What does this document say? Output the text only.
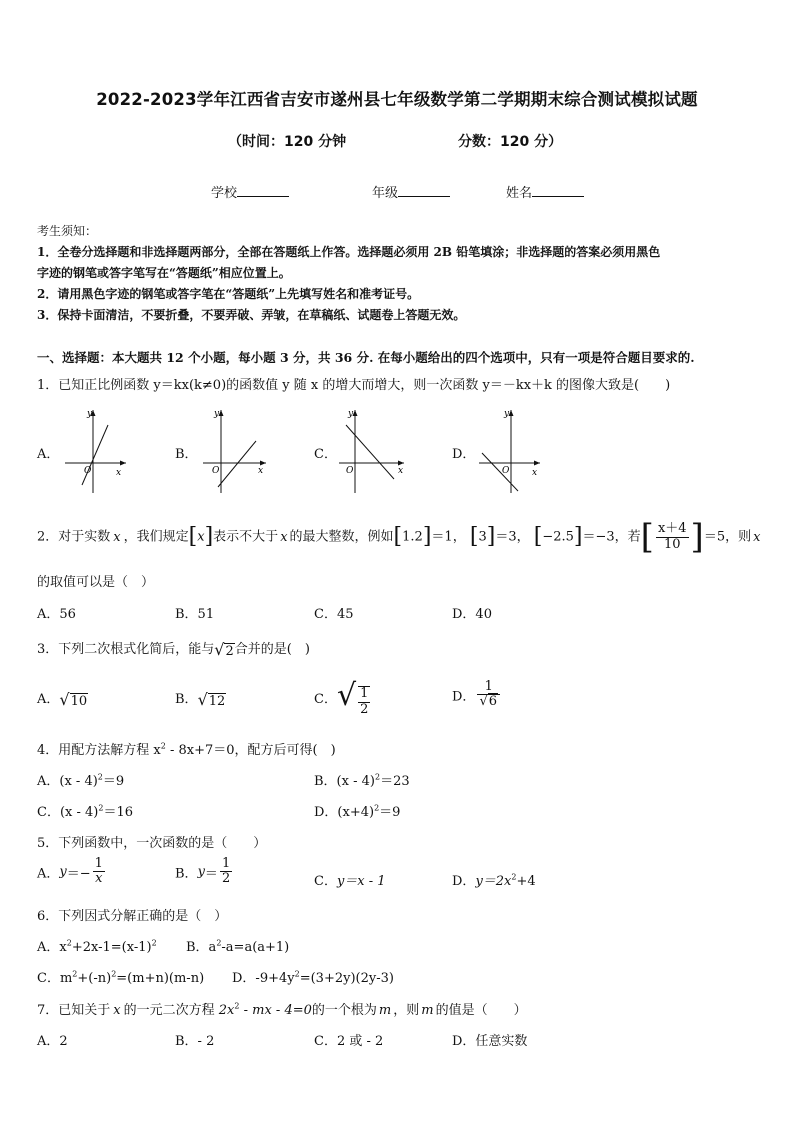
2022-2023学年江西省吉安市遂州县七年级数学第二学期期末综合测试模拟试题
（时间：120 分钟	分数：120 分）
学校	年级	姓名
考生须知：
1．全卷分选择题和非选择题两部分，全部在答题纸上作答。选择题必须用 2B 铅笔填涂；非选择题的答案必须用黑色
字迹的钢笔或答字笔写在“答题纸”相应位置上。
2．请用黑色字迹的钢笔或答字笔在“答题纸”上先填写姓名和准考证号。
3．保持卡面清洁，不要折叠，不要弄破、弄皱，在草稿纸、试题卷上答题无效。
一、选择题：本大题共 12 个小题，每小题 3 分，共 36 分. 在每小题给出的四个选项中，只有一项是符合题目要求的.
1．已知正比例函数 y＝kx(k≠0)的函数值 y 随 x 的增大而增大，则一次函数 y＝－kx＋k 的图像大致是(　　)
A．
y
x
O
B．
y
x
O
C．
y
x
O
D．
y
x
O
2．对于实数 x ，我们规定[x]表示不大于 x 的最大整数，例如[1.2]＝1， [3]＝3， [−2.5]＝−3，若[ $\frac{x+4}{10} ]=5$，则 x
的取值可以是（　）
A．56	B．51	C．45	D．40
3．下列二次根式化简后，能与√2合并的是(　)
A．√10	B．√12	C．√ $\frac{1}{2}$	D． $\frac{1}{√6}$
4．用配方法解方程 $x^2 - 8x+7=0$，配方后可得(　)
A．(x - 4)$^2$＝9	B．(x - 4)$^2$＝23
C．(x - 4)$^2$＝16	D．$(x+4)^2=9$
5．下列函数中，一次函数的是（　　）
A．$y=- \frac{1}{x}$	B．$y= \frac{1}{2}$	C．y＝x - 1	D．$y=2x^2+4$
6．下列因式分解正确的是（　）
A．$x^2+2x-1=(x-1)^2$ B．$a^2-a=a(a+1)$
C．$m^2+(-n)^2=(m+n)(m-n)$ D．$-9+4y^2=(3+2y)(2y-3)$
7．已知关于 x 的一元二次方程 $2x^2$ - mx - 4=0的一个根为 m ，则 m 的值是（　　）
A．2	B．- 2	C．2 或 - 2	D．任意实数
